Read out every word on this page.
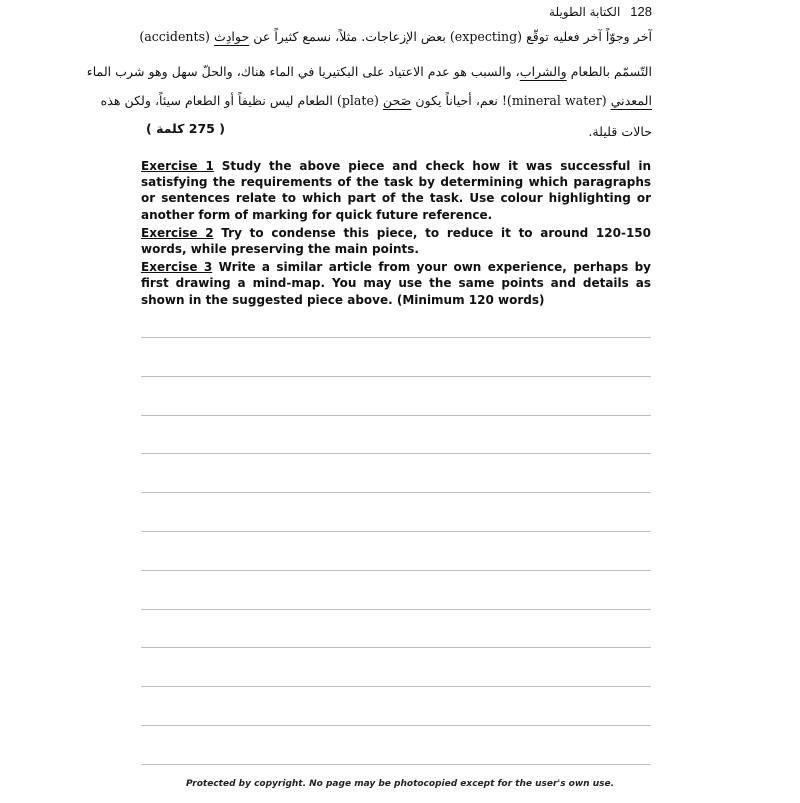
الكتابة الطويلة 128
آخر وجوّاً آخر فعليه توقّع (expecting) بعض الإزعاجات. مثلاً، نسمع كثيراً عن حوادِث (accidents)
التّسمّم بالطعام والشراب، والسبب هو عدم الاعتياد على البكتيريا في الماء هناك، والحلّ سهل وهو شرب الماء
المعدني (mineral water)! نعم، أحياناً يكون صَحن (plate) الطعام ليس نظيفاً أو الطعام سيئاً، ولكن هذه
حالات قليلة.
( 275 كلمة )

Exercise 1 Study the above piece and check how it was successful in satisfying the requirements of the task by determining which paragraphs or sentences relate to which part of the task. Use colour highlighting or another form of marking for quick future reference.

Exercise 2 Try to condense this piece, to reduce it to around 120-150 words, while preserving the main points.

Exercise 3 Write a similar article from your own experience, perhaps by first drawing a mind-map. You may use the same points and details as shown in the suggested piece above. (Minimum 120 words)

Protected by copyright. No page may be photocopied except for the user's own use.
